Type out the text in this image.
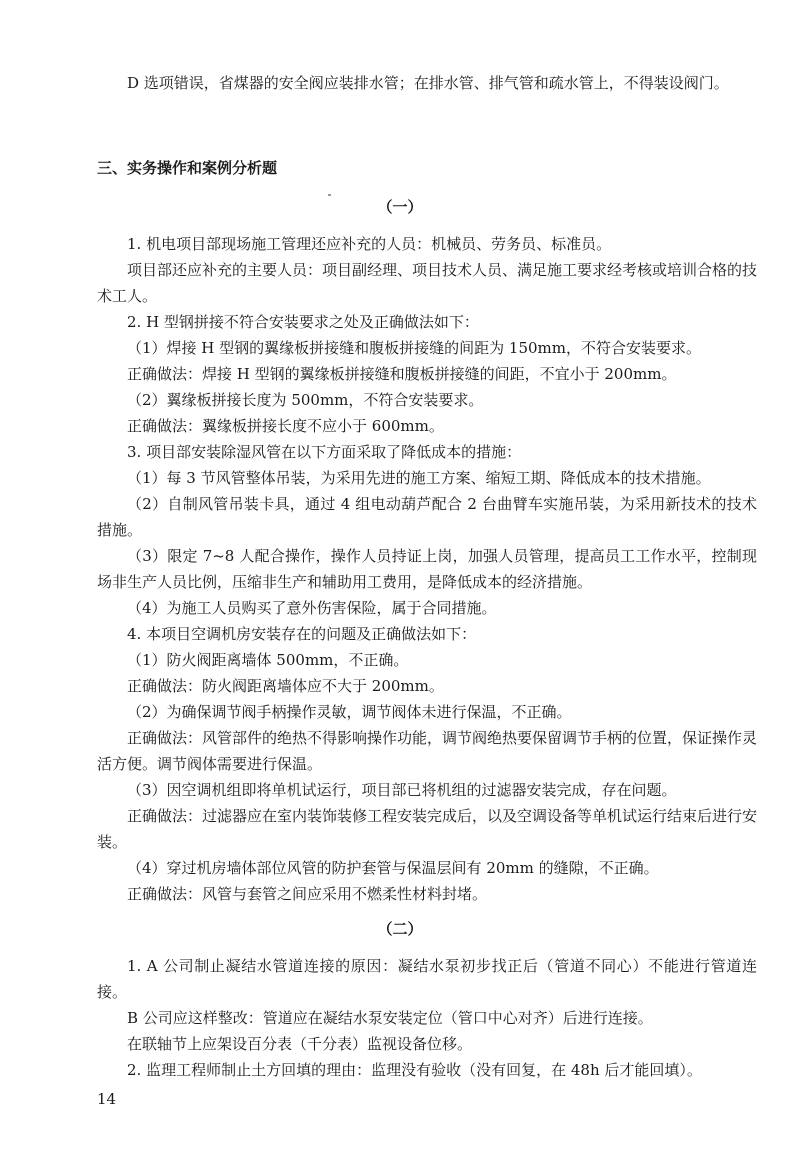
D 选项错误，省煤器的安全阀应装排水管；在排水管、排气管和疏水管上，不得装设阀门。

三、实务操作和案例分析题

（一）

1. 机电项目部现场施工管理还应补充的人员：机械员、劳务员、标准员。

项目部还应补充的主要人员：项目副经理、项目技术人员、满足施工要求经考核或培训合格的技术工人。

2. H 型钢拼接不符合安装要求之处及正确做法如下：

（1）焊接 H 型钢的翼缘板拼接缝和腹板拼接缝的间距为 150mm，不符合安装要求。

正确做法：焊接 H 型钢的翼缘板拼接缝和腹板拼接缝的间距，不宜小于 200mm。

（2）翼缘板拼接长度为 500mm，不符合安装要求。

正确做法：翼缘板拼接长度不应小于 600mm。

3. 项目部安装除湿风管在以下方面采取了降低成本的措施：

（1）每 3 节风管整体吊装，为采用先进的施工方案、缩短工期、降低成本的技术措施。

（2）自制风管吊装卡具，通过 4 组电动葫芦配合 2 台曲臂车实施吊装，为采用新技术的技术措施。

（3）限定 7~8 人配合操作，操作人员持证上岗，加强人员管理，提高员工工作水平，控制现场非生产人员比例，压缩非生产和辅助用工费用，是降低成本的经济措施。

（4）为施工人员购买了意外伤害保险，属于合同措施。

4. 本项目空调机房安装存在的问题及正确做法如下：

（1）防火阀距离墙体 500mm，不正确。

正确做法：防火阀距离墙体应不大于 200mm。

（2）为确保调节阀手柄操作灵敏，调节阀体未进行保温，不正确。

正确做法：风管部件的绝热不得影响操作功能，调节阀绝热要保留调节手柄的位置，保证操作灵活方便。调节阀体需要进行保温。

（3）因空调机组即将单机试运行，项目部已将机组的过滤器安装完成，存在问题。

正确做法：过滤器应在室内装饰装修工程安装完成后，以及空调设备等单机试运行结束后进行安装。

（4）穿过机房墙体部位风管的防护套管与保温层间有 20mm 的缝隙，不正确。

正确做法：风管与套管之间应采用不燃柔性材料封堵。

（二）

1. A 公司制止凝结水管道连接的原因：凝结水泵初步找正后（管道不同心）不能进行管道连接。

B 公司应这样整改：管道应在凝结水泵安装定位（管口中心对齐）后进行连接。

在联轴节上应架设百分表（千分表）监视设备位移。

2. 监理工程师制止土方回填的理由：监理没有验收（没有回复，在 48h 后才能回填）。

14
